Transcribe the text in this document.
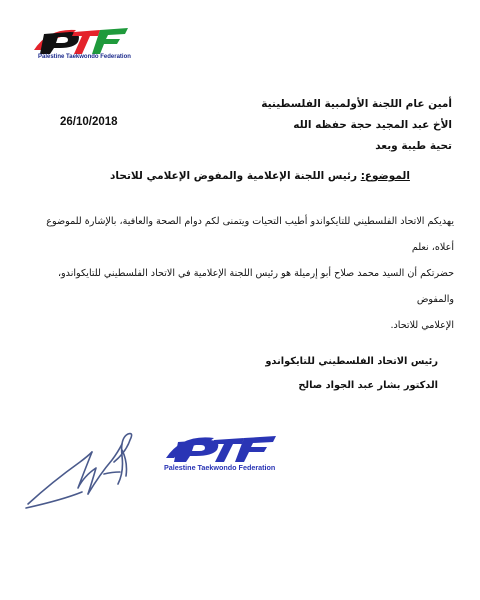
Palestine Taekwondo Federation
أمين عام اللجنة الأولمبية الفلسطينية
الأخ عبد المجيد حجة حفظه الله
تحية طيبة وبعد
26/10/2018
الموضوع: رئيس اللجنة الإعلامية والمفوض الإعلامي للاتحاد
يهديكم الاتحاد الفلسطيني للتايكواندو أطيب التحيات ويتمنى لكم دوام الصحة والعافية، بالإشارة للموضوع أعلاه، نعلم
حضرتكم أن السيد محمد صلاح أبو إرميلة هو رئيس اللجنة الإعلامية في الاتحاد الفلسطيني للتايكواندو، والمفوض
الإعلامي للاتحاد.
رئيس الاتحاد الفلسطيني للتايكواندو
الدكتور بشار عبد الجواد صالح
Palestine Taekwondo Federation
